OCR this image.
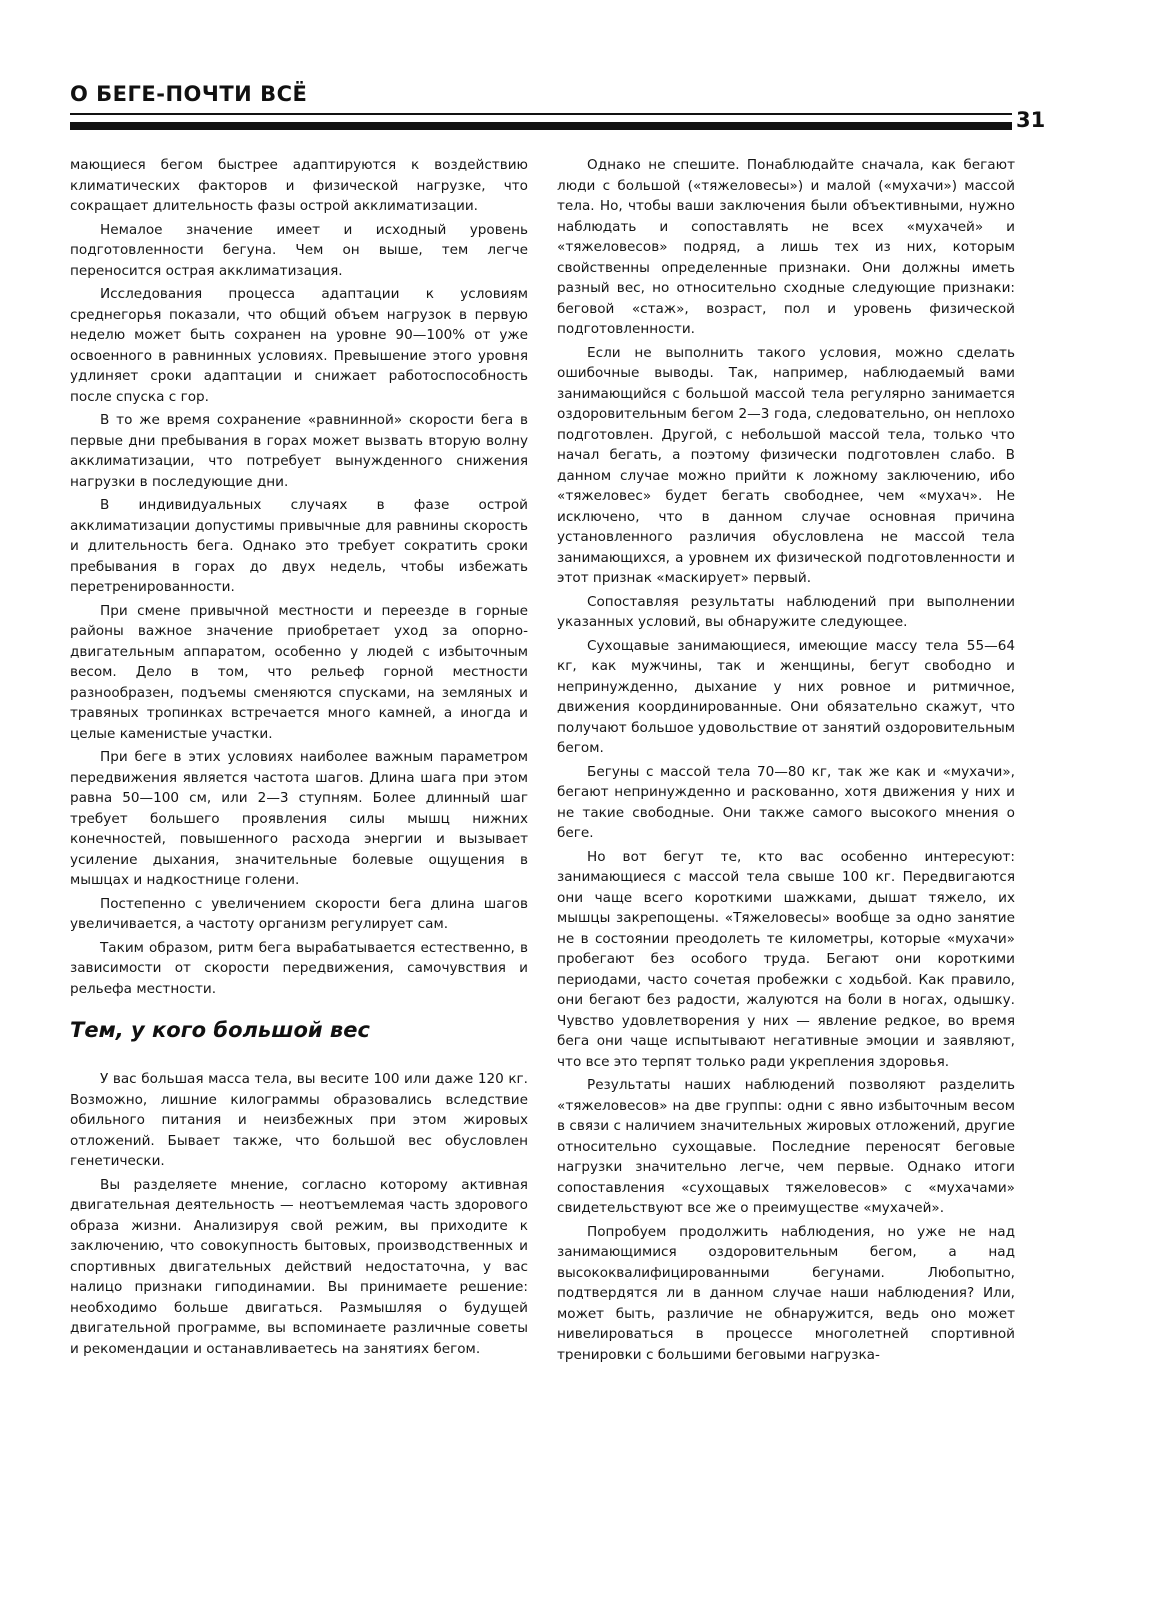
О БЕГЕ-ПОЧТИ ВСЁ
31

мающиеся бегом быстрее адаптируются к воздействию климатических факторов и физической нагрузке, что сокращает длительность фазы острой акклиматизации.

Немалое значение имеет и исходный уровень подготовленности бегуна. Чем он выше, тем легче переносится острая акклиматизация.

Исследования процесса адаптации к условиям среднегорья показали, что общий объем нагрузок в первую неделю может быть сохранен на уровне 90—100% от уже освоенного в равнинных условиях. Превышение этого уровня удлиняет сроки адаптации и снижает работоспособность после спуска с гор.

В то же время сохранение «равнинной» скорости бега в первые дни пребывания в горах может вызвать вторую волну акклиматизации, что потребует вынужденного снижения нагрузки в последующие дни.

В индивидуальных случаях в фазе острой акклиматизации допустимы привычные для равнины скорость и длительность бега. Однако это требует сократить сроки пребывания в горах до двух недель, чтобы избежать перетренированности.

При смене привычной местности и переезде в горные районы важное значение приобретает уход за опорно-двигательным аппаратом, особенно у людей с избыточным весом. Дело в том, что рельеф горной местности разнообразен, подъемы сменяются спусками, на земляных и травяных тропинках встречается много камней, а иногда и целые каменистые участки.

При беге в этих условиях наиболее важным параметром передвижения является частота шагов. Длина шага при этом равна 50—100 см, или 2—3 ступням. Более длинный шаг требует большего проявления силы мышц нижних конечностей, повышенного расхода энергии и вызывает усиление дыхания, значительные болевые ощущения в мышцах и надкостнице голени.

Постепенно с увеличением скорости бега длина шагов увеличивается, а частоту организм регулирует сам.

Таким образом, ритм бега вырабатывается естественно, в зависимости от скорости передвижения, самочувствия и рельефа местности.

Тем, у кого большой вес

У вас большая масса тела, вы весите 100 или даже 120 кг. Возможно, лишние килограммы образовались вследствие обильного питания и неизбежных при этом жировых отложений. Бывает также, что большой вес обусловлен генетически.

Вы разделяете мнение, согласно которому активная двигательная деятельность — неотъемлемая часть здорового образа жизни. Анализируя свой режим, вы приходите к заключению, что совокупность бытовых, производственных и спортивных двигательных действий недостаточна, у вас налицо признаки гиподинамии. Вы принимаете решение: необходимо больше двигаться. Размышляя о будущей двигательной программе, вы вспоминаете различные советы и рекомендации и останавливаетесь на занятиях бегом.

Однако не спешите. Понаблюдайте сначала, как бегают люди с большой («тяжеловесы») и малой («мухачи») массой тела. Но, чтобы ваши заключения были объективными, нужно наблюдать и сопоставлять не всех «мухачей» и «тяжеловесов» подряд, а лишь тех из них, которым свойственны определенные признаки. Они должны иметь разный вес, но относительно сходные следующие признаки: беговой «стаж», возраст, пол и уровень физической подготовленности.

Если не выполнить такого условия, можно сделать ошибочные выводы. Так, например, наблюдаемый вами занимающийся с большой массой тела регулярно занимается оздоровительным бегом 2—3 года, следовательно, он неплохо подготовлен. Другой, с небольшой массой тела, только что начал бегать, а поэтому физически подготовлен слабо. В данном случае можно прийти к ложному заключению, ибо «тяжеловес» будет бегать свободнее, чем «мухач». Не исключено, что в данном случае основная причина установленного различия обусловлена не массой тела занимающихся, а уровнем их физической подготовленности и этот признак «маскирует» первый.

Сопоставляя результаты наблюдений при выполнении указанных условий, вы обнаружите следующее.

Сухощавые занимающиеся, имеющие массу тела 55—64 кг, как мужчины, так и женщины, бегут свободно и непринужденно, дыхание у них ровное и ритмичное, движения координированные. Они обязательно скажут, что получают большое удовольствие от занятий оздоровительным бегом.

Бегуны с массой тела 70—80 кг, так же как и «мухачи», бегают непринужденно и раскованно, хотя движения у них и не такие свободные. Они также самого высокого мнения о беге.

Но вот бегут те, кто вас особенно интересуют: занимающиеся с массой тела свыше 100 кг. Передвигаются они чаще всего короткими шажками, дышат тяжело, их мышцы закрепощены. «Тяжеловесы» вообще за одно занятие не в состоянии преодолеть те километры, которые «мухачи» пробегают без особого труда. Бегают они короткими периодами, часто сочетая пробежки с ходьбой. Как правило, они бегают без радости, жалуются на боли в ногах, одышку. Чувство удовлетворения у них — явление редкое, во время бега они чаще испытывают негативные эмоции и заявляют, что все это терпят только ради укрепления здоровья.

Результаты наших наблюдений позволяют разделить «тяжеловесов» на две группы: одни с явно избыточным весом в связи с наличием значительных жировых отложений, другие относительно сухощавые. Последние переносят беговые нагрузки значительно легче, чем первые. Однако итоги сопоставления «сухощавых тяжеловесов» с «мухачами» свидетельствуют все же о преимуществе «мухачей».

Попробуем продолжить наблюдения, но уже не над занимающимися оздоровительным бегом, а над высококвалифицированными бегунами. Любопытно, подтвердятся ли в данном случае наши наблюдения? Или, может быть, различие не обнаружится, ведь оно может нивелироваться в процессе многолетней спортивной тренировки с большими беговыми нагрузка-
